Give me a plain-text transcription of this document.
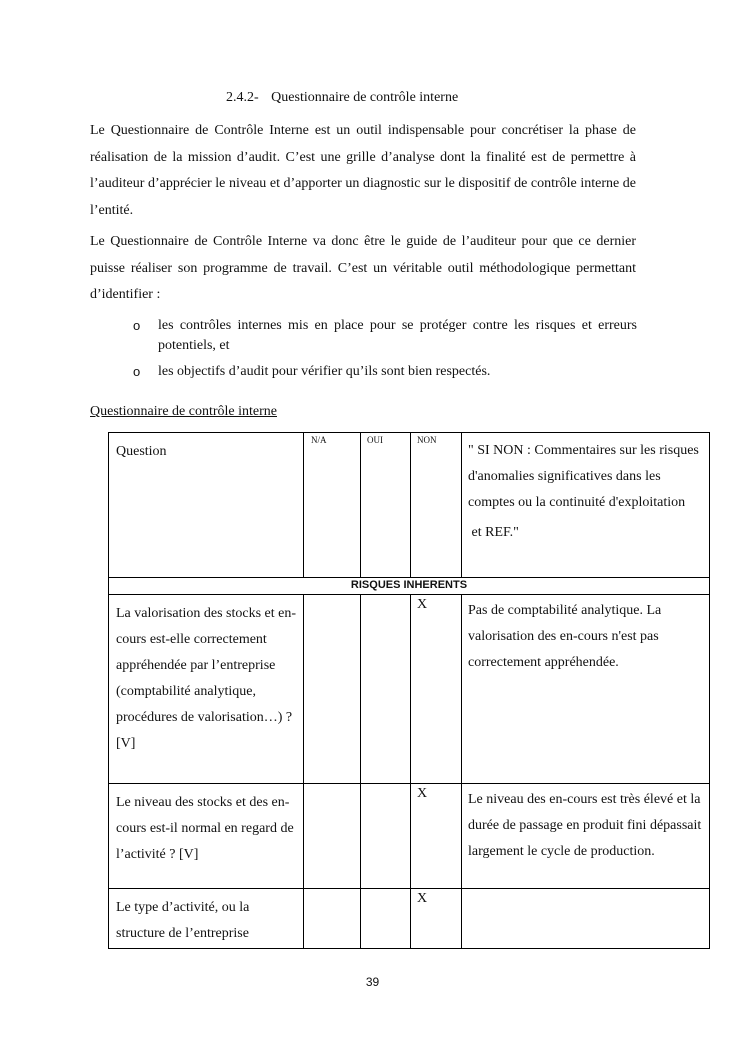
2.4.2- Questionnaire de contrôle interne

Le Questionnaire de Contrôle Interne est un outil indispensable pour concrétiser la phase de réalisation de la mission d’audit. C’est une grille d’analyse dont la finalité est de permettre à l’auditeur d’apprécier le niveau et d’apporter un diagnostic sur le dispositif de contrôle interne de l’entité.

Le Questionnaire de Contrôle Interne va donc être le guide de l’auditeur pour que ce dernier puisse réaliser son programme de travail. C’est un véritable outil méthodologique permettant d’identifier :

o les contrôles internes mis en place pour se protéger contre les risques et erreurs potentiels, et
o les objectifs d’audit pour vérifier qu’ils sont bien respectés.
Questionnaire de contrôle interne
Question	N/A	OUI	NON	" SI NON : Commentaires sur les risques d'anomalies significatives dans les comptes ou la continuité d'exploitation
et REF."

RISQUES INHERENTS				
La valorisation des stocks et en-cours est-elle correctement appréhendée par l’entreprise (comptabilité analytique, procédures de valorisation…) ? [V]			X	Pas de comptabilité analytique. La valorisation des en-cours n'est pas correctement appréhendée.
Le niveau des stocks et des en-cours est-il normal en regard de l’activité ? [V]			X	Le niveau des en-cours est très élevé et la durée de passage en produit fini dépassait largement le cycle de production.
Le type d’activité, ou la structure de l’entreprise			X	
39
